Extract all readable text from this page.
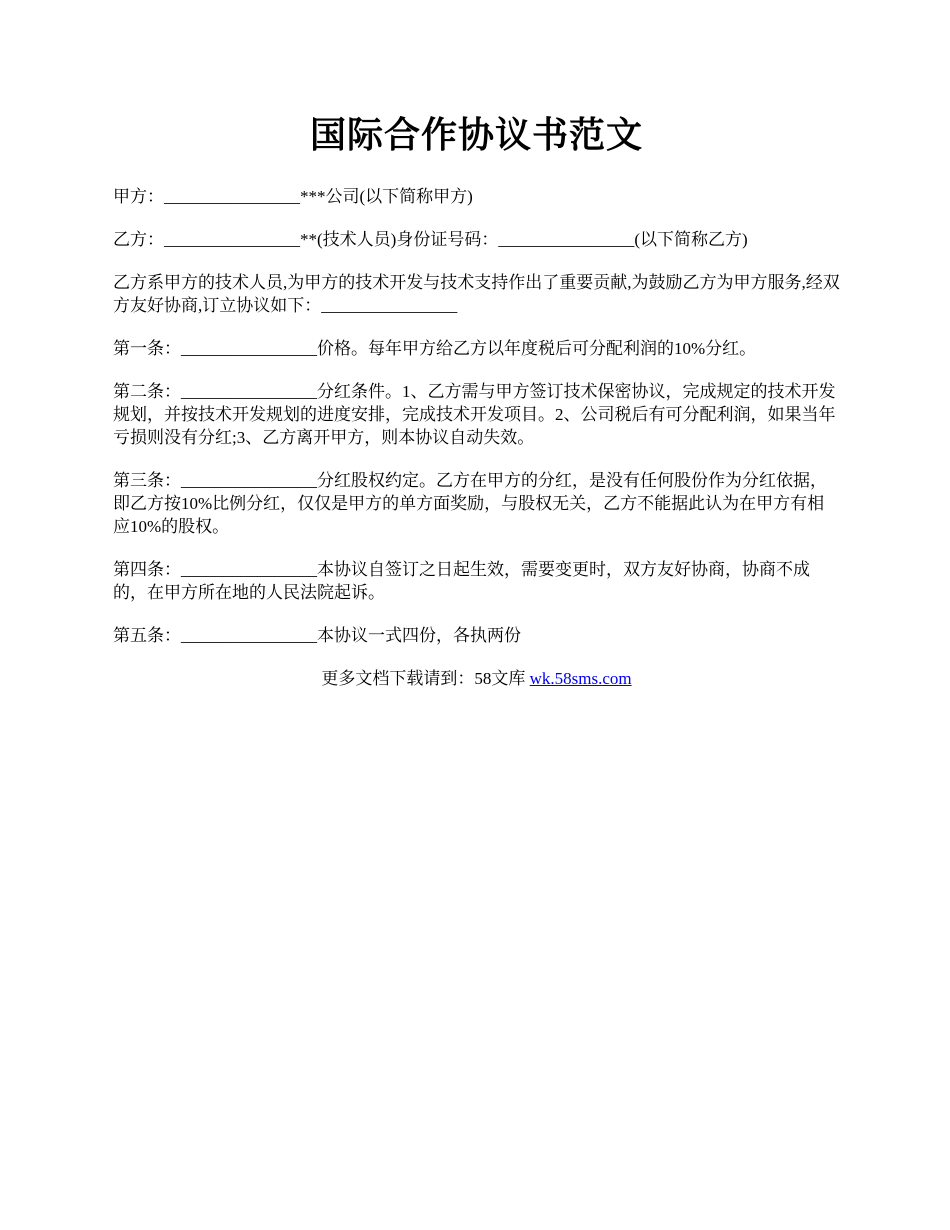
国际合作协议书范文

甲方：________________***公司(以下简称甲方)

乙方：________________**(技术人员)身份证号码：________________(以下简称乙方)

乙方系甲方的技术人员,为甲方的技术开发与技术支持作出了重要贡献,为鼓励乙方为甲方服务,经双方友好协商,订立协议如下：________________

第一条：________________价格。每年甲方给乙方以年度税后可分配利润的10%分红。

第二条：________________分红条件。1、乙方需与甲方签订技术保密协议，完成规定的技术开发规划，并按技术开发规划的进度安排，完成技术开发项目。2、公司税后有可分配利润，如果当年亏损则没有分红;3、乙方离开甲方，则本协议自动失效。

第三条：________________分红股权约定。乙方在甲方的分红，是没有任何股份作为分红依据，即乙方按10%比例分红，仅仅是甲方的单方面奖励，与股权无关，乙方不能据此认为在甲方有相应10%的股权。

第四条：________________本协议自签订之日起生效，需要变更时，双方友好协商，协商不成的，在甲方所在地的人民法院起诉。

第五条：________________本协议一式四份，各执两份

更多文档下载请到：58文库 wk.58sms.com
